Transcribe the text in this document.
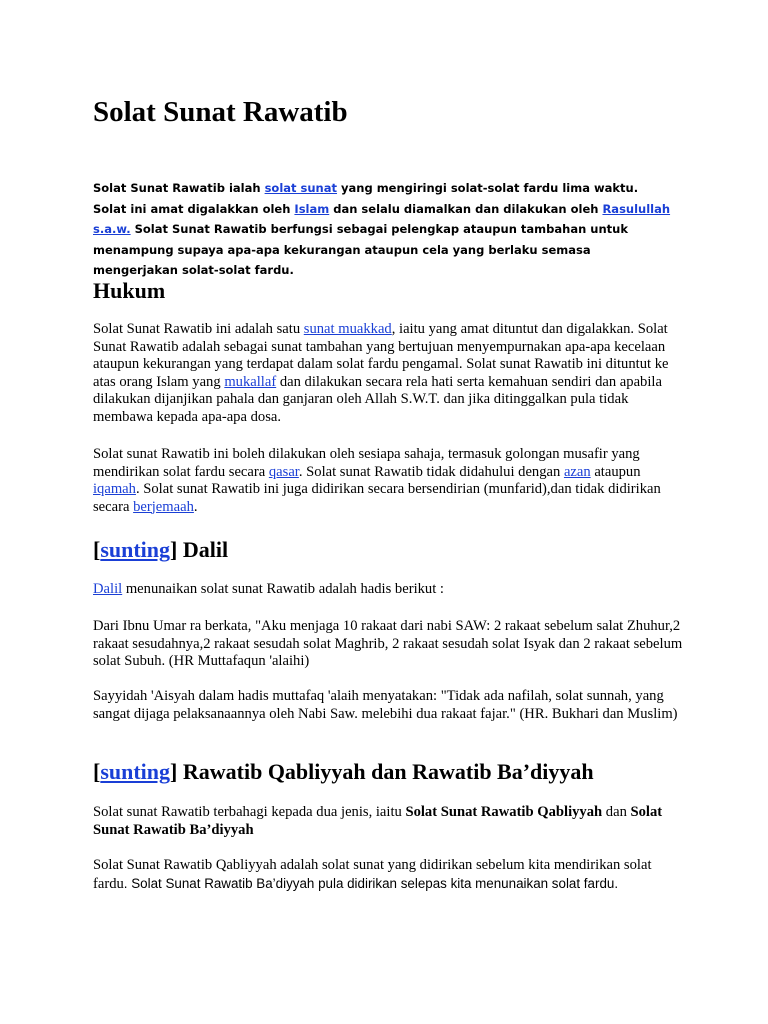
Solat Sunat Rawatib

Solat Sunat Rawatib ialah solat sunat yang mengiringi solat-solat fardu lima waktu. Solat ini amat digalakkan oleh Islam dan selalu diamalkan dan dilakukan oleh Rasulullah s.a.w. Solat Sunat Rawatib berfungsi sebagai pelengkap ataupun tambahan untuk menampung supaya apa-apa kekurangan ataupun cela yang berlaku semasa mengerjakan solat-solat fardu.

Hukum

Solat Sunat Rawatib ini adalah satu sunat muakkad, iaitu yang amat dituntut dan digalakkan. Solat Sunat Rawatib adalah sebagai sunat tambahan yang bertujuan menyempurnakan apa-apa kecelaan ataupun kekurangan yang terdapat dalam solat fardu pengamal. Solat sunat Rawatib ini dituntut ke atas orang Islam yang mukallaf dan dilakukan secara rela hati serta kemahuan sendiri dan apabila dilakukan dijanjikan pahala dan ganjaran oleh Allah S.W.T. dan jika ditinggalkan pula tidak membawa kepada apa-apa dosa.

Solat sunat Rawatib ini boleh dilakukan oleh sesiapa sahaja, termasuk golongan musafir yang mendirikan solat fardu secara qasar. Solat sunat Rawatib tidak didahului dengan azan ataupun iqamah. Solat sunat Rawatib ini juga didirikan secara bersendirian (munfarid),dan tidak didirikan secara berjemaah.

[sunting] Dalil

Dalil menunaikan solat sunat Rawatib adalah hadis berikut :

Dari Ibnu Umar ra berkata, "Aku menjaga 10 rakaat dari nabi SAW: 2 rakaat sebelum salat Zhuhur,2 rakaat sesudahnya,2 rakaat sesudah solat Maghrib, 2 rakaat sesudah solat Isyak dan 2 rakaat sebelum solat Subuh. (HR Muttafaqun 'alaihi)

Sayyidah 'Aisyah dalam hadis muttafaq 'alaih menyatakan: "Tidak ada nafilah, solat sunnah, yang sangat dijaga pelaksanaannya oleh Nabi Saw. melebihi dua rakaat fajar." (HR. Bukhari dan Muslim)

[sunting] Rawatib Qabliyyah dan Rawatib Ba’diyyah

Solat sunat Rawatib terbahagi kepada dua jenis, iaitu Solat Sunat Rawatib Qabliyyah dan Solat Sunat Rawatib Ba’diyyah

Solat Sunat Rawatib Qabliyyah adalah solat sunat yang didirikan sebelum kita mendirikan solat fardu. Solat Sunat Rawatib Ba’diyyah pula didirikan selepas kita menunaikan solat fardu.
